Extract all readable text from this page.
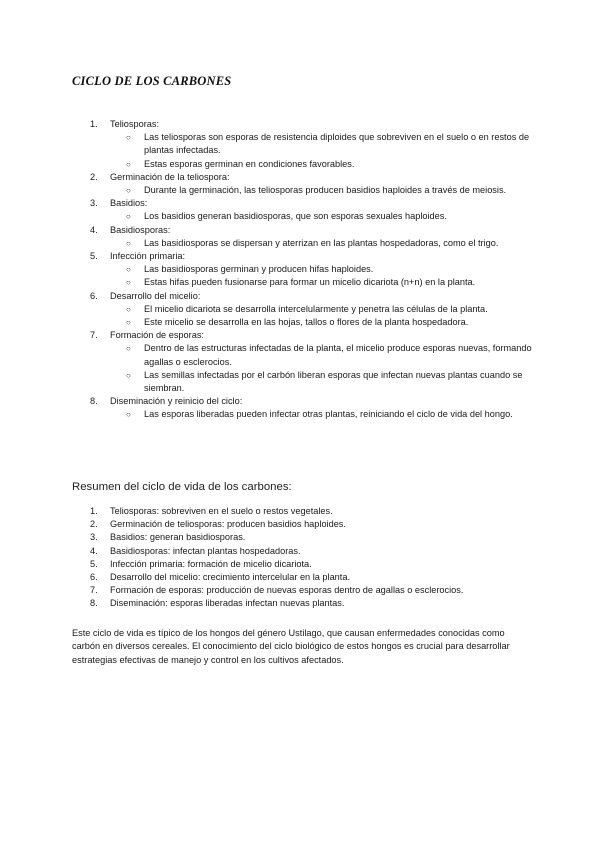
CICLO DE LOS CARBONES
1.	Teliosporas:
○ Las teliosporas son esporas de resistencia diploides que sobreviven en el suelo o en restos de plantas infectadas.
○ Estas esporas germinan en condiciones favorables.
2.	Germinación de la teliospora:
○ Durante la germinación, las teliosporas producen basidios haploides a través de meiosis.
3.	Basidios:
○ Los basidios generan basidiosporas, que son esporas sexuales haploides.
4.	Basidiosporas:
○ Las basidiosporas se dispersan y aterrizan en las plantas hospedadoras, como el trigo.
5.	Infección primaria:
○ Las basidiosporas germinan y producen hifas haploides.
○ Estas hifas pueden fusionarse para formar un micelio dicariota (n+n) en la planta.
6.	Desarrollo del micelio:
○ El micelio dicariota se desarrolla intercelularmente y penetra las células de la planta.
○ Este micelio se desarrolla en las hojas, tallos o flores de la planta hospedadora.
7.	Formación de esporas:
○ Dentro de las estructuras infectadas de la planta, el micelio produce esporas nuevas, formando agallas o esclerocios.
○ Las semillas infectadas por el carbón liberan esporas que infectan nuevas plantas cuando se siembran.
8.	Diseminación y reinicio del ciclo:
○ Las esporas liberadas pueden infectar otras plantas, reiniciando el ciclo de vida del hongo.
Resumen del ciclo de vida de los carbones:
1.	Teliosporas: sobreviven en el suelo o restos vegetales.
2.	Germinación de teliosporas: producen basidios haploides.
3.	Basidios: generan basidiosporas.
4.	Basidiosporas: infectan plantas hospedadoras.
5.	Infección primaria: formación de micelio dicariota.
6.	Desarrollo del micelio: crecimiento intercelular en la planta.
7.	Formación de esporas: producción de nuevas esporas dentro de agallas o esclerocios.
8.	Diseminación: esporas liberadas infectan nuevas plantas.
Este ciclo de vida es típico de los hongos del género Ustilago, que causan enfermedades conocidas como carbón en diversos cereales. El conocimiento del ciclo biológico de estos hongos es crucial para desarrollar estrategias efectivas de manejo y control en los cultivos afectados.
